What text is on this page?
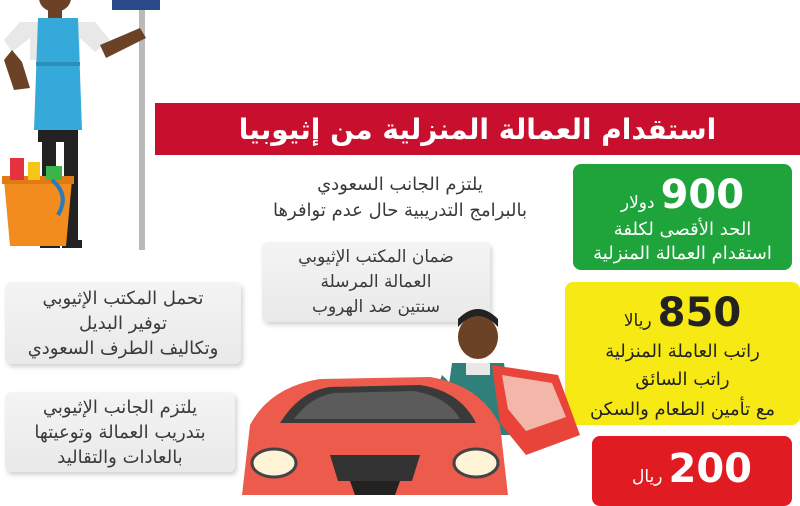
استقدام العمالة المنزلية من إثيوبيا
يلتزم الجانب السعودي
بالبرامج التدريبية حال عدم توافرها
ضمان المكتب الإثيوبي
العمالة المرسلة
سنتين ضد الهروب
تحمل المكتب الإثيوبي
توفير البديل
وتكاليف الطرف السعودي
يلتزم الجانب الإثيوبي
بتدريب العمالة وتوعيتها
بالعادات والتقاليد
900دولار
الحد الأقصى لكلفة
استقدام العمالة المنزلية
850ريالا
راتب العاملة المنزلية
راتب السائق
مع تأمين الطعام والسكن
200ريال
